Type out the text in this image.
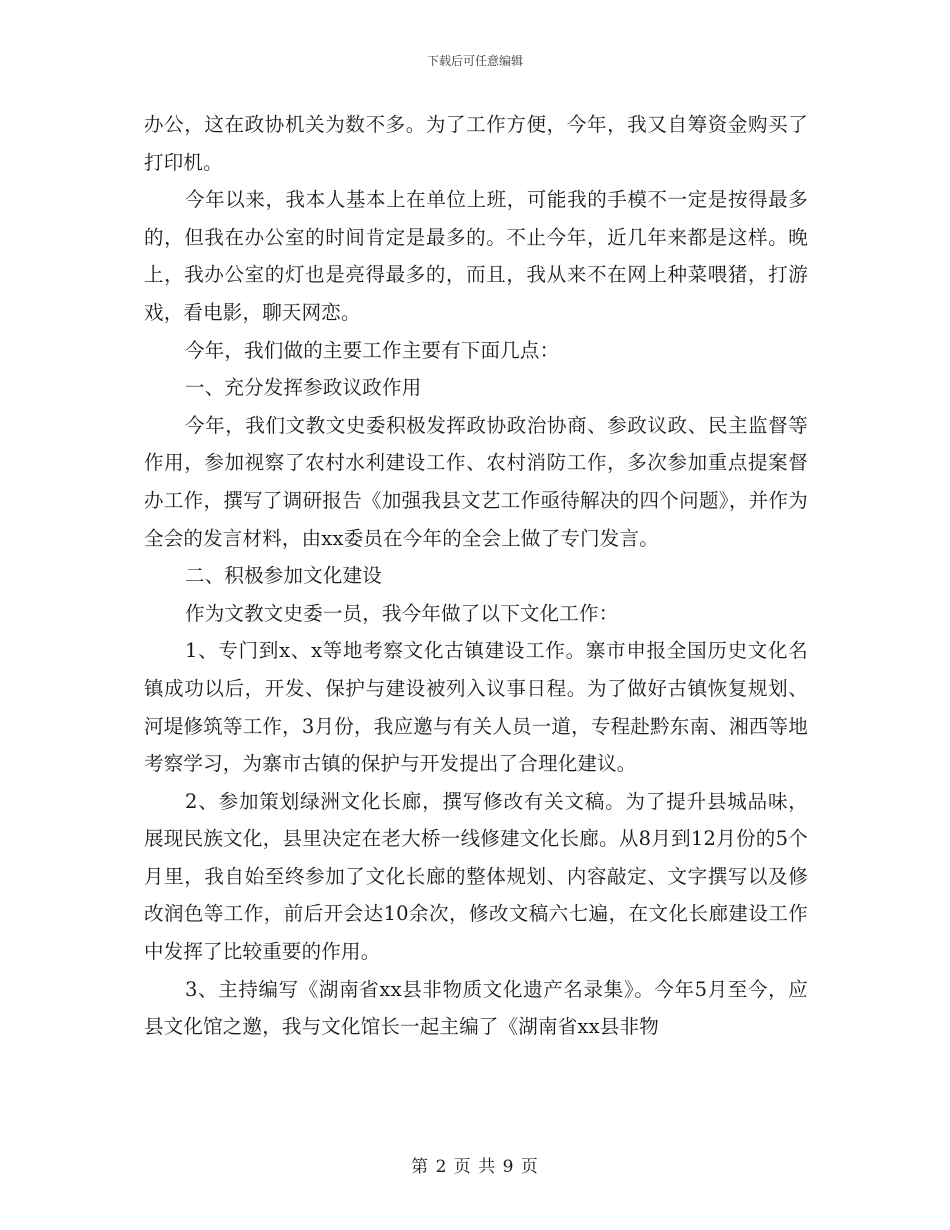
下载后可任意编辑

办公，这在政协机关为数不多。为了工作方便，今年，我又自筹资金购买了打印机。

今年以来，我本人基本上在单位上班，可能我的手模不一定是按得最多的，但我在办公室的时间肯定是最多的。不止今年，近几年来都是这样。晚上，我办公室的灯也是亮得最多的，而且，我从来不在网上种菜喂猪，打游戏，看电影，聊天网恋。

今年，我们做的主要工作主要有下面几点：

一、充分发挥参政议政作用

今年，我们文教文史委积极发挥政协政治协商、参政议政、民主监督等作用，参加视察了农村水利建设工作、农村消防工作，多次参加重点提案督办工作，撰写了调研报告《加强我县文艺工作亟待解决的四个问题》，并作为全会的发言材料，由xx委员在今年的全会上做了专门发言。

二、积极参加文化建设

作为文教文史委一员，我今年做了以下文化工作：

1、专门到x、x等地考察文化古镇建设工作。寨市申报全国历史文化名镇成功以后，开发、保护与建设被列入议事日程。为了做好古镇恢复规划、河堤修筑等工作，3月份，我应邀与有关人员一道，专程赴黔东南、湘西等地考察学习，为寨市古镇的保护与开发提出了合理化建议。

2、参加策划绿洲文化长廊，撰写修改有关文稿。为了提升县城品味，展现民族文化，县里决定在老大桥一线修建文化长廊。从8月到12月份的5个月里，我自始至终参加了文化长廊的整体规划、内容敲定、文字撰写以及修改润色等工作，前后开会达10余次，修改文稿六七遍，在文化长廊建设工作中发挥了比较重要的作用。

3、主持编写《湖南省xx县非物质文化遗产名录集》。今年5月至今，应县文化馆之邀，我与文化馆长一起主编了《湖南省xx县非物

第 2 页 共 9 页
